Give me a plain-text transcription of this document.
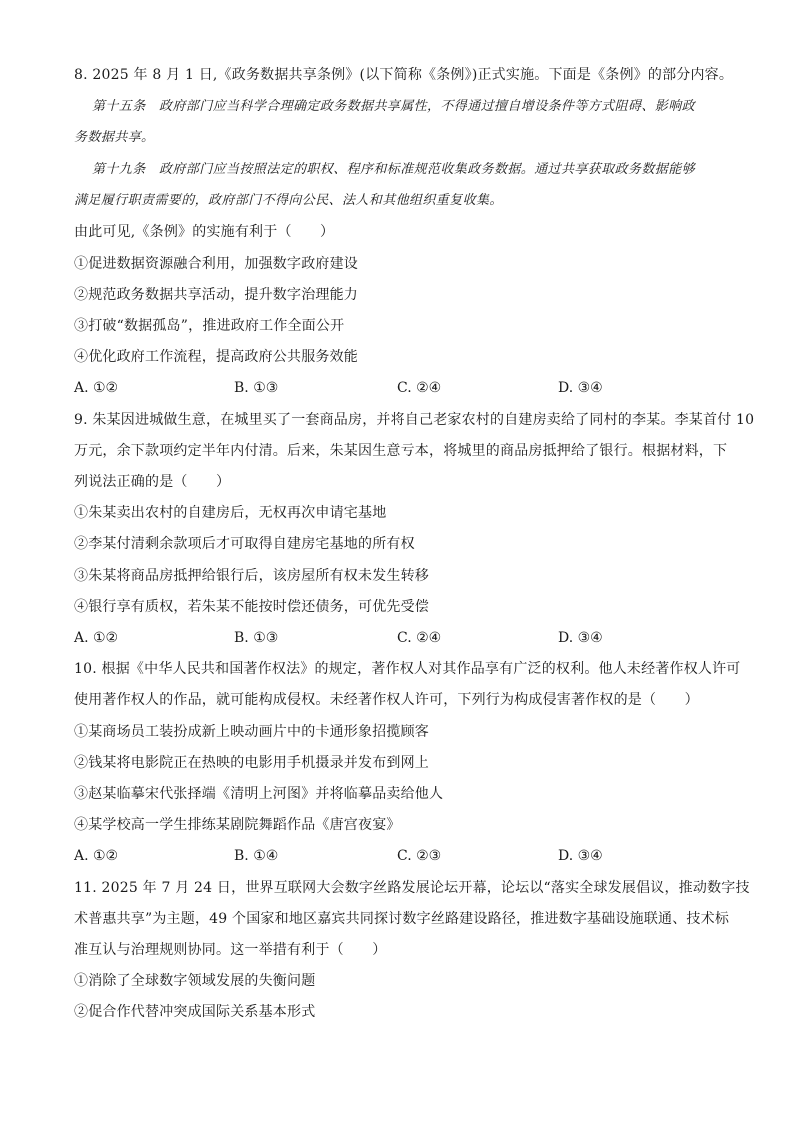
8. 2025 年 8 月 1 日,《政务数据共享条例》(以下简称《条例》)正式实施。下面是《条例》的部分内容。
第十五条　政府部门应当科学合理确定政务数据共享属性，不得通过擅自增设条件等方式阻碍、影响政
务数据共享。
第十九条　政府部门应当按照法定的职权、程序和标准规范收集政务数据。通过共享获取政务数据能够
满足履行职责需要的，政府部门不得向公民、法人和其他组织重复收集。
由此可见,《条例》的实施有利于（　　）
①促进数据资源融合利用，加强数字政府建设
②规范政务数据共享活动，提升数字治理能力
③打破“数据孤岛”，推进政府工作全面公开
④优化政府工作流程，提高政府公共服务效能
A. ①②	B. ①③	C. ②④	D. ③④
9. 朱某因进城做生意，在城里买了一套商品房，并将自己老家农村的自建房卖给了同村的李某。李某首付 10
万元，余下款项约定半年内付清。后来，朱某因生意亏本，将城里的商品房抵押给了银行。根据材料，下
列说法正确的是（　　）
①朱某卖出农村的自建房后，无权再次申请宅基地
②李某付清剩余款项后才可取得自建房宅基地的所有权
③朱某将商品房抵押给银行后，该房屋所有权未发生转移
④银行享有质权，若朱某不能按时偿还债务，可优先受偿
A. ①②	B. ①③	C. ②④	D. ③④
10. 根据《中华人民共和国著作权法》的规定，著作权人对其作品享有广泛的权利。他人未经著作权人许可
使用著作权人的作品，就可能构成侵权。未经著作权人许可，下列行为构成侵害著作权的是（　　）
①某商场员工装扮成新上映动画片中的卡通形象招揽顾客
②钱某将电影院正在热映的电影用手机摄录并发布到网上
③赵某临摹宋代张择端《清明上河图》并将临摹品卖给他人
④某学校高一学生排练某剧院舞蹈作品《唐宫夜宴》
A. ①②	B. ①④	C. ②③	D. ③④
11. 2025 年 7 月 24 日，世界互联网大会数字丝路发展论坛开幕，论坛以“落实全球发展倡议，推动数字技
术普惠共享”为主题，49 个国家和地区嘉宾共同探讨数字丝路建设路径，推进数字基础设施联通、技术标
准互认与治理规则协同。这一举措有利于（　　）
①消除了全球数字领域发展的失衡问题
②促合作代替冲突成国际关系基本形式
